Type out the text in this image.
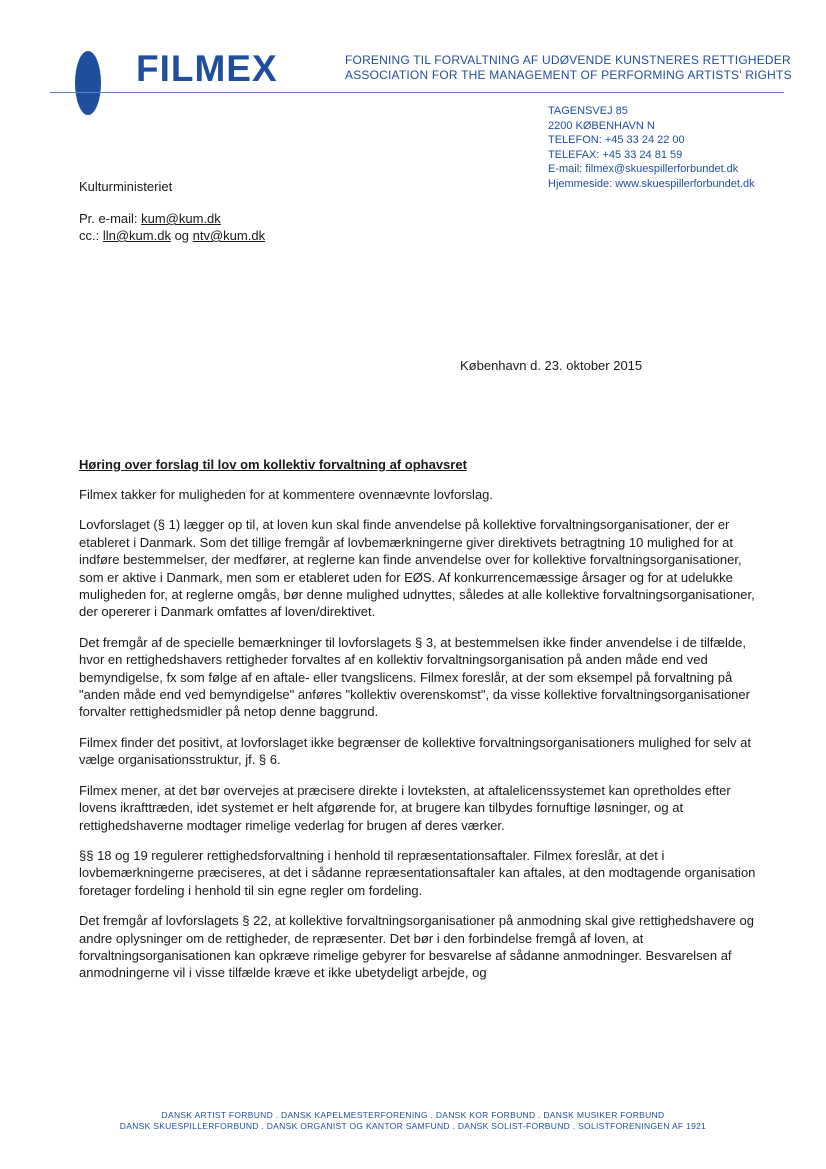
FILMEX	FORENING TIL FORVALTNING AF UDØVENDE KUNSTNERES RETTIGHEDER
ASSOCIATION FOR THE MANAGEMENT OF PERFORMING ARTISTS' RIGHTS
TAGENSVEJ 85
2200 KØBENHAVN N
TELEFON: +45 33 24 22 00
TELEFAX: +45 33 24 81 59
E-mail: filmex@skuespillerforbundet.dk
Hjemmeside: www.skuespillerforbundet.dk
Kulturministeriet
Pr. e-mail: kum@kum.dk
cc.: lln@kum.dk og ntv@kum.dk
København d. 23. oktober 2015
Høring over forslag til lov om kollektiv forvaltning af ophavsret

Filmex takker for muligheden for at kommentere ovennævnte lovforslag.

Lovforslaget (§ 1) lægger op til, at loven kun skal finde anvendelse på kollektive forvaltningsorganisationer, der er etableret i Danmark. Som det tillige fremgår af lovbemærkningerne giver direktivets betragtning 10 mulighed for at indføre bestemmelser, der medfører, at reglerne kan finde anvendelse over for kollektive forvaltningsorganisationer, som er aktive i Danmark, men som er etableret uden for EØS. Af konkurrencemæssige årsager og for at udelukke muligheden for, at reglerne omgås, bør denne mulighed udnyttes, således at alle kollektive forvaltningsorganisationer, der opererer i Danmark omfattes af loven/direktivet.

Det fremgår af de specielle bemærkninger til lovforslagets § 3, at bestemmelsen ikke finder anvendelse i de tilfælde, hvor en rettighedshavers rettigheder forvaltes af en kollektiv forvaltningsorganisation på anden måde end ved bemyndigelse, fx som følge af en aftale- eller tvangslicens. Filmex foreslår, at der som eksempel på forvaltning på "anden måde end ved bemyndigelse" anføres "kollektiv overenskomst", da visse kollektive forvaltningsorganisationer forvalter rettighedsmidler på netop denne baggrund.

Filmex finder det positivt, at lovforslaget ikke begrænser de kollektive forvaltningsorganisationers mulighed for selv at vælge organisationsstruktur, jf. § 6.

Filmex mener, at det bør overvejes at præcisere direkte i lovteksten, at aftalelicenssystemet kan opretholdes efter lovens ikrafttræden, idet systemet er helt afgørende for, at brugere kan tilbydes fornuftige løsninger, og at rettighedshaverne modtager rimelige vederlag for brugen af deres værker.

§§ 18 og 19 regulerer rettighedsforvaltning i henhold til repræsentationsaftaler. Filmex foreslår, at det i lovbemærkningerne præciseres, at det i sådanne repræsentationsaftaler kan aftales, at den modtagende organisation foretager fordeling i henhold til sin egne regler om fordeling.

Det fremgår af lovforslagets § 22, at kollektive forvaltningsorganisationer på anmodning skal give rettighedshavere og andre oplysninger om de rettigheder, de repræsenter. Det bør i den forbindelse fremgå af loven, at forvaltningsorganisationen kan opkræve rimelige gebyrer for besvarelse af sådanne anmodninger. Besvarelsen af anmodningerne vil i visse tilfælde kræve et ikke ubetydeligt arbejde, og

DANSK ARTIST FORBUND . DANSK KAPELMESTERFORENING . DANSK KOR FORBUND . DANSK MUSIKER FORBUND
DANSK SKUESPILLERFORBUND . DANSK ORGANIST OG KANTOR SAMFUND . DANSK SOLIST-FORBUND . SOLISTFORENINGEN AF 1921
